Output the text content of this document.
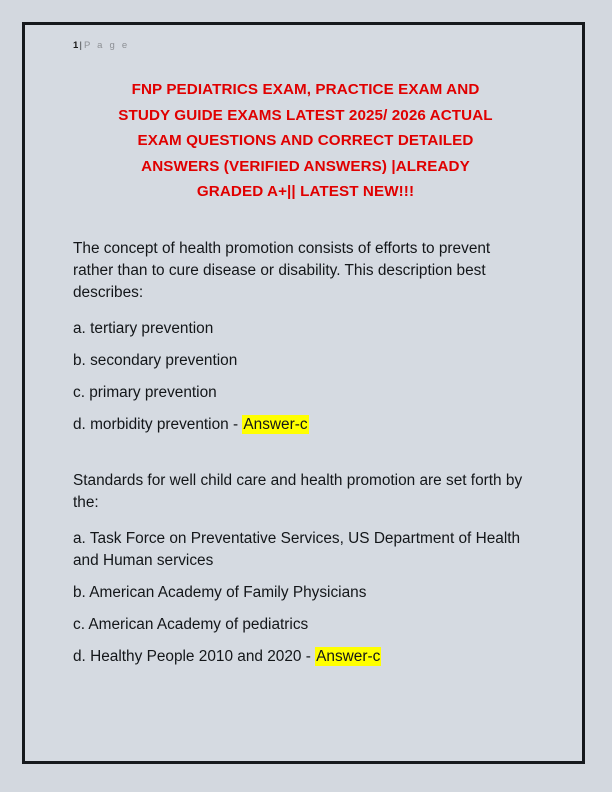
1| P a g e
FNP PEDIATRICS EXAM, PRACTICE EXAM AND
STUDY GUIDE EXAMS LATEST 2025/ 2026 ACTUAL
EXAM QUESTIONS AND CORRECT DETAILED
ANSWERS (VERIFIED ANSWERS) |ALREADY
GRADED A+|| LATEST NEW!!!

The concept of health promotion consists of efforts to prevent rather than to cure disease or disability. This description best describes:

a. tertiary prevention

b. secondary prevention

c. primary prevention

d. morbidity prevention - Answer-c

Standards for well child care and health promotion are set forth by the:

a. Task Force on Preventative Services, US Department of Health and Human services

b. American Academy of Family Physicians

c. American Academy of pediatrics

d. Healthy People 2010 and 2020 - Answer-c
